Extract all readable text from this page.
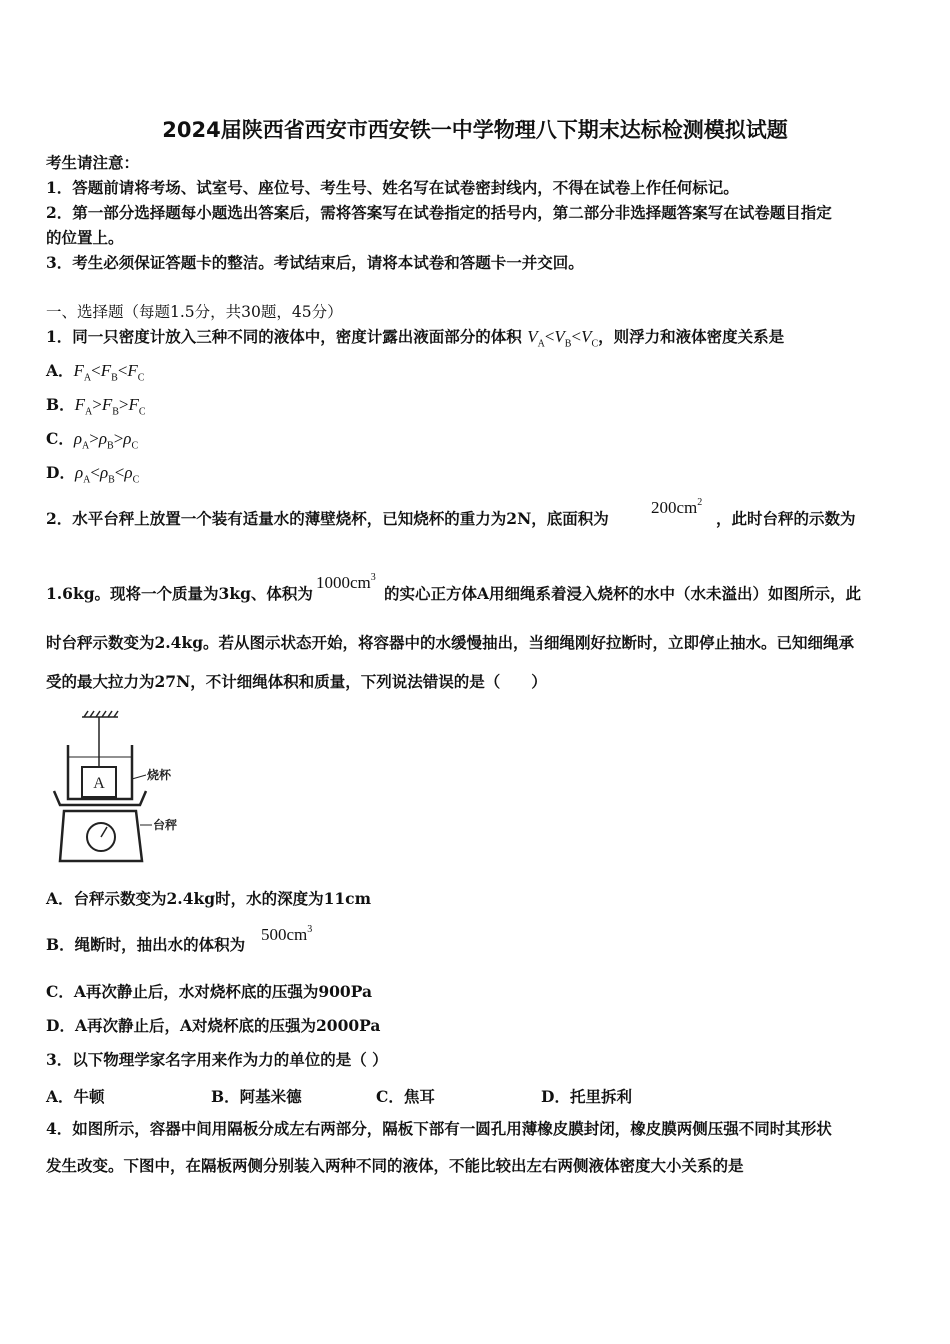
2024届陕西省西安市西安铁一中学物理八下期末达标检测模拟试题
考生请注意：
1．答题前请将考场、试室号、座位号、考生号、姓名写在试卷密封线内，不得在试卷上作任何标记。
2．第一部分选择题每小题选出答案后，需将答案写在试卷指定的括号内，第二部分非选择题答案写在试卷题目指定
的位置上。
3．考生必须保证答题卡的整洁。考试结束后，请将本试卷和答题卡一并交回。
一、选择题（每题1.5分，共30题，45分）
1．同一只密度计放入三种不同的液体中，密度计露出液面部分的体积 $V_A<V_B<V_C$，则浮力和液体密度关系是
A．$F_A<F_B<F_C$
B．$F_A>F_B>F_C$
C．$\rho_A>\rho_B>\rho_C$
D．$\rho_A<\rho_B<\rho_C$
2．水平台秤上放置一个装有适量水的薄壁烧杯，已知烧杯的重力为2N，底面积为
$200cm^2$
，此时台秤的示数为
1.6kg。现将一个质量为3kg、体积为
$1000cm^3$
的实心正方体A用细绳系着浸入烧杯的水中（水未溢出）如图所示，此
时台秤示数变为2.4kg。若从图示状态开始，将容器中的水缓慢抽出，当细绳刚好拉断时，立即停止抽水。已知细绳承
受的最大拉力为27N，不计细绳体积和质量，下列说法错误的是（　　）
A	烧杯
台秤
A．台秤示数变为2.4kg时，水的深度为11cm
B．绳断时，抽出水的体积为
$500cm^3$
C．A再次静止后，水对烧杯底的压强为900Pa
D．A再次静止后，A对烧杯底的压强为2000Pa
3．以下物理学家名字用来作为力的单位的是（ ）
A．牛顿	B．阿基米德	C．焦耳	D．托里拆利
4．如图所示，容器中间用隔板分成左右两部分，隔板下部有一圆孔用薄橡皮膜封闭，橡皮膜两侧压强不同时其形状
发生改变。下图中，在隔板两侧分别装入两种不同的液体，不能比较出左右两侧液体密度大小关系的是
